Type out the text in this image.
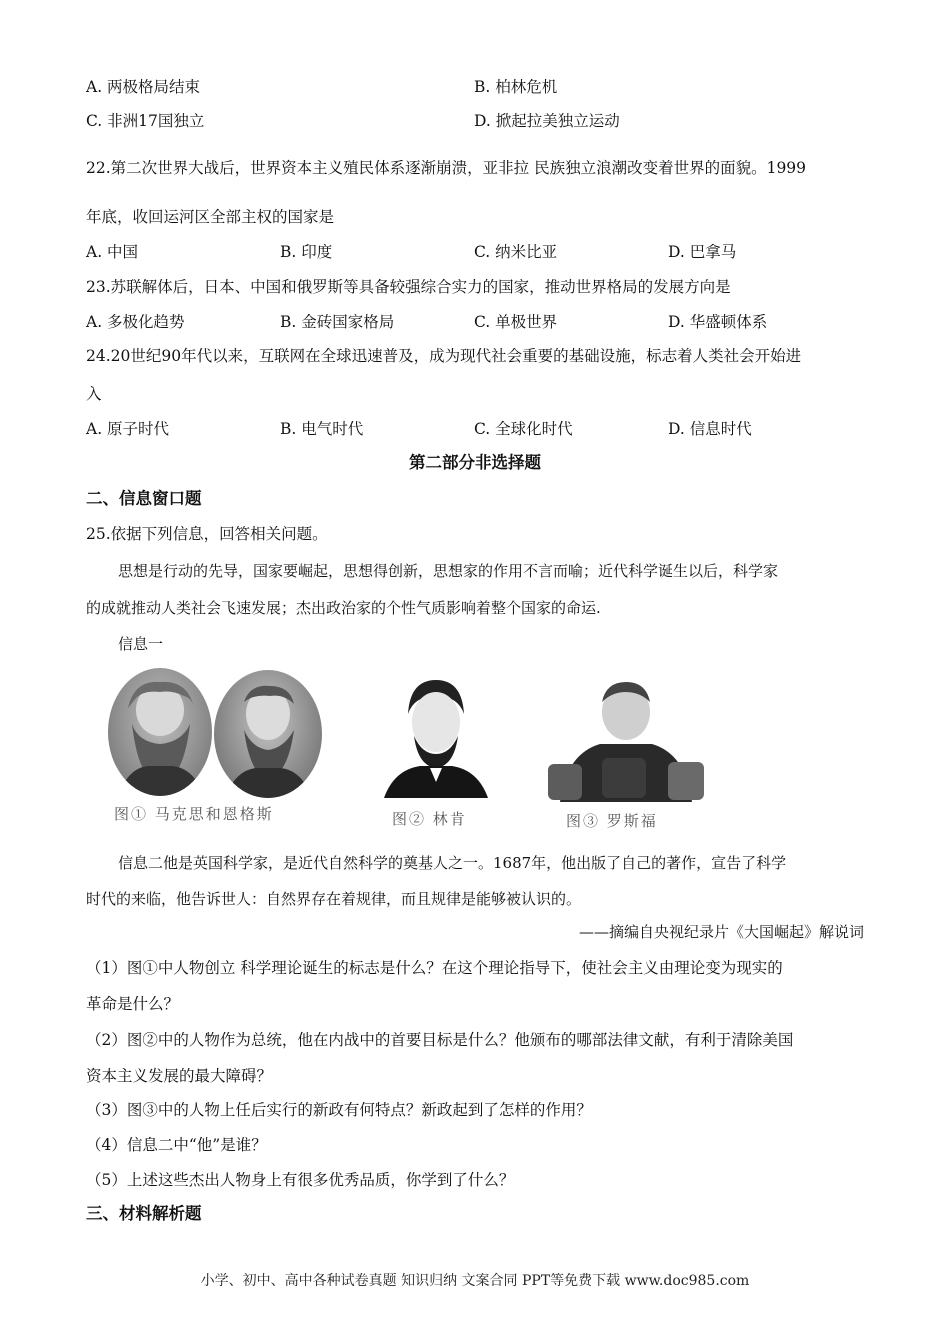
A. 两极格局结束	B. 柏林危机
C. 非洲17国独立	D. 掀起拉美独立运动
22.第二次世界大战后，世界资本主义殖民体系逐渐崩溃，亚非拉 民族独立浪潮改变着世界的面貌。1999
年底，收回运河区全部主权的国家是
A. 中国	B. 印度	C. 纳米比亚	D. 巴拿马
23.苏联解体后，日本、中国和俄罗斯等具备较强综合实力的国家，推动世界格局的发展方向是
A. 多极化趋势	B. 金砖国家格局	C. 单极世界	D. 华盛顿体系
24.20世纪90年代以来，互联网在全球迅速普及，成为现代社会重要的基础设施，标志着人类社会开始进
入
A. 原子时代	B. 电气时代	C. 全球化时代	D. 信息时代
第二部分非选择题
二、信息窗口题
25.依据下列信息，回答相关问题。
思想是行动的先导，国家要崛起，思想得创新，思想家的作用不言而喻；近代科学诞生以后，科学家
的成就推动人类社会飞速发展；杰出政治家的个性气质影响着整个国家的命运.
信息一
图① 马克思和恩格斯	图② 林肯	图③ 罗斯福
信息二他是英国科学家，是近代自然科学的奠基人之一。1687年，他出版了自己的著作，宣告了科学
时代的来临，他告诉世人：自然界存在着规律，而且规律是能够被认识的。
——摘编自央视纪录片《大国崛起》解说词
（1）图①中人物创立 科学理论诞生的标志是什么？在这个理论指导下，使社会主义由理论变为现实的
革命是什么？
（2）图②中的人物作为总统，他在内战中的首要目标是什么？他颁布的哪部法律文献，有利于清除美国
资本主义发展的最大障碍？
（3）图③中的人物上任后实行的新政有何特点？新政起到了怎样的作用？
（4）信息二中“他”是谁？
（5）上述这些杰出人物身上有很多优秀品质，你学到了什么？
三、材料解析题
小学、初中、高中各种试卷真题 知识归纳 文案合同 PPT等免费下载 www.doc985.com
